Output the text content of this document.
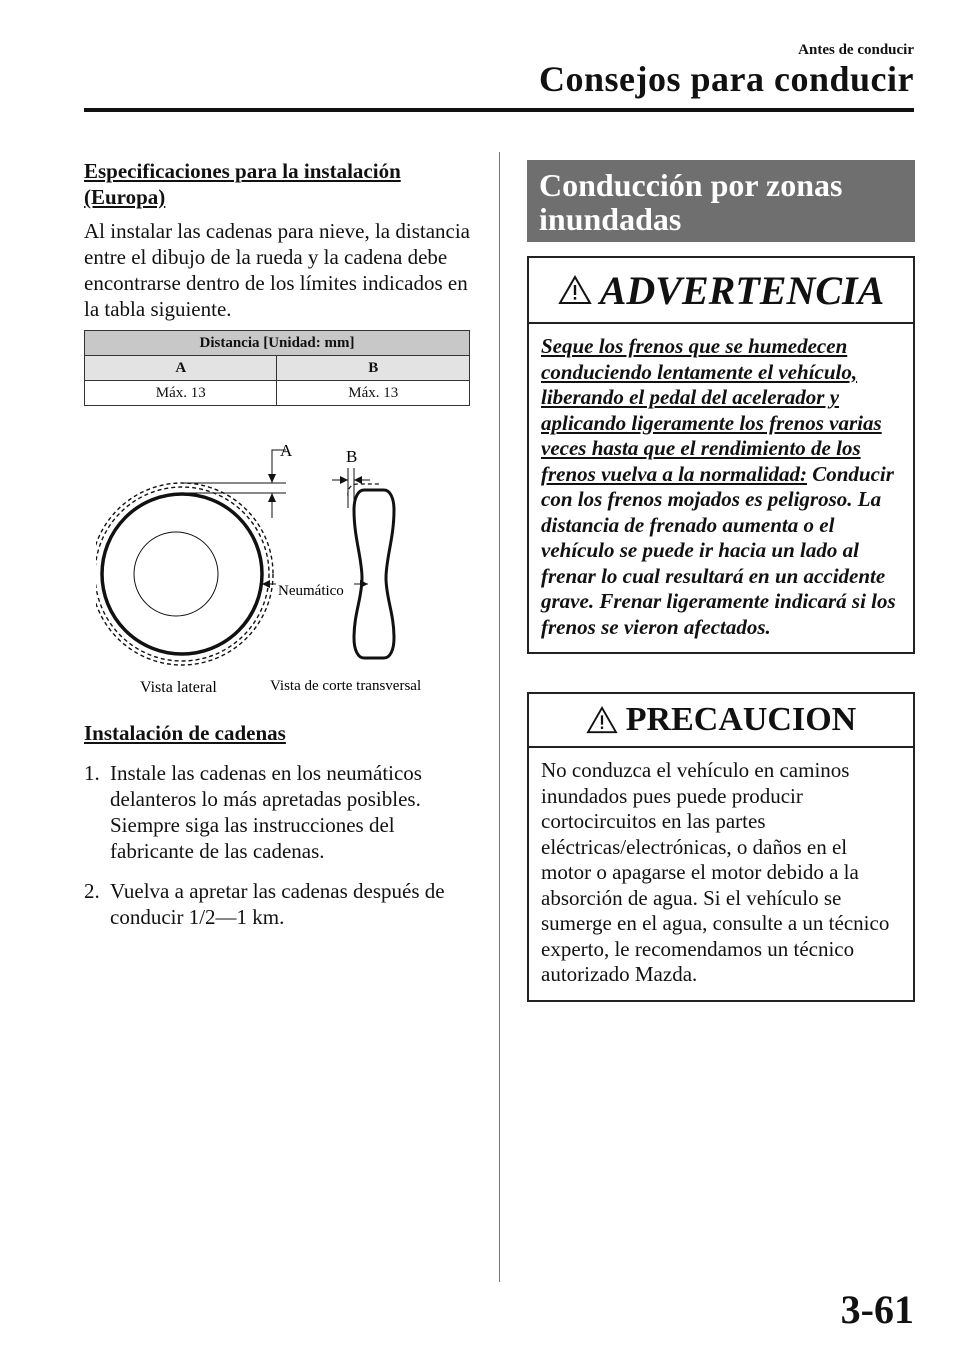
Antes de conducir
Consejos para conducir

Especificaciones para la instalación
(Europa)

Al instalar las cadenas para nieve, la distancia entre el dibujo de la rueda y la cadena debe encontrarse dentro de los límites indicados en la tabla siguiente.

Distancia [Unidad: mm]	
A	B
Máx. 13	Máx. 13
A	B
Neumático
Vista lateral	Vista de corte transversal

Instalación de cadenas

1. Instale las cadenas en los neumáticos delanteros lo más apretadas posibles. Siempre siga las instrucciones del fabricante de las cadenas.
2. Vuelva a apretar las cadenas después de conducir 1/2―1 km.
Conducción por zonas inundadas
ADVERTENCIA
Seque los frenos que se humedecen conduciendo lentamente el vehículo, liberando el pedal del acelerador y aplicando ligeramente los frenos varias veces hasta que el rendimiento de los frenos vuelva a la normalidad: Conducir con los frenos mojados es peligroso. La distancia de frenado aumenta o el vehículo se puede ir hacia un lado al frenar lo cual resultará en un accidente grave. Frenar ligeramente indicará si los frenos se vieron afectados.
PRECAUCION
No conduzca el vehículo en caminos inundados pues puede producir cortocircuitos en las partes eléctricas/electrónicas, o daños en el motor o apagarse el motor debido a la absorción de agua. Si el vehículo se sumerge en el agua, consulte a un técnico experto, le recomendamos un técnico autorizado Mazda.
3-61
